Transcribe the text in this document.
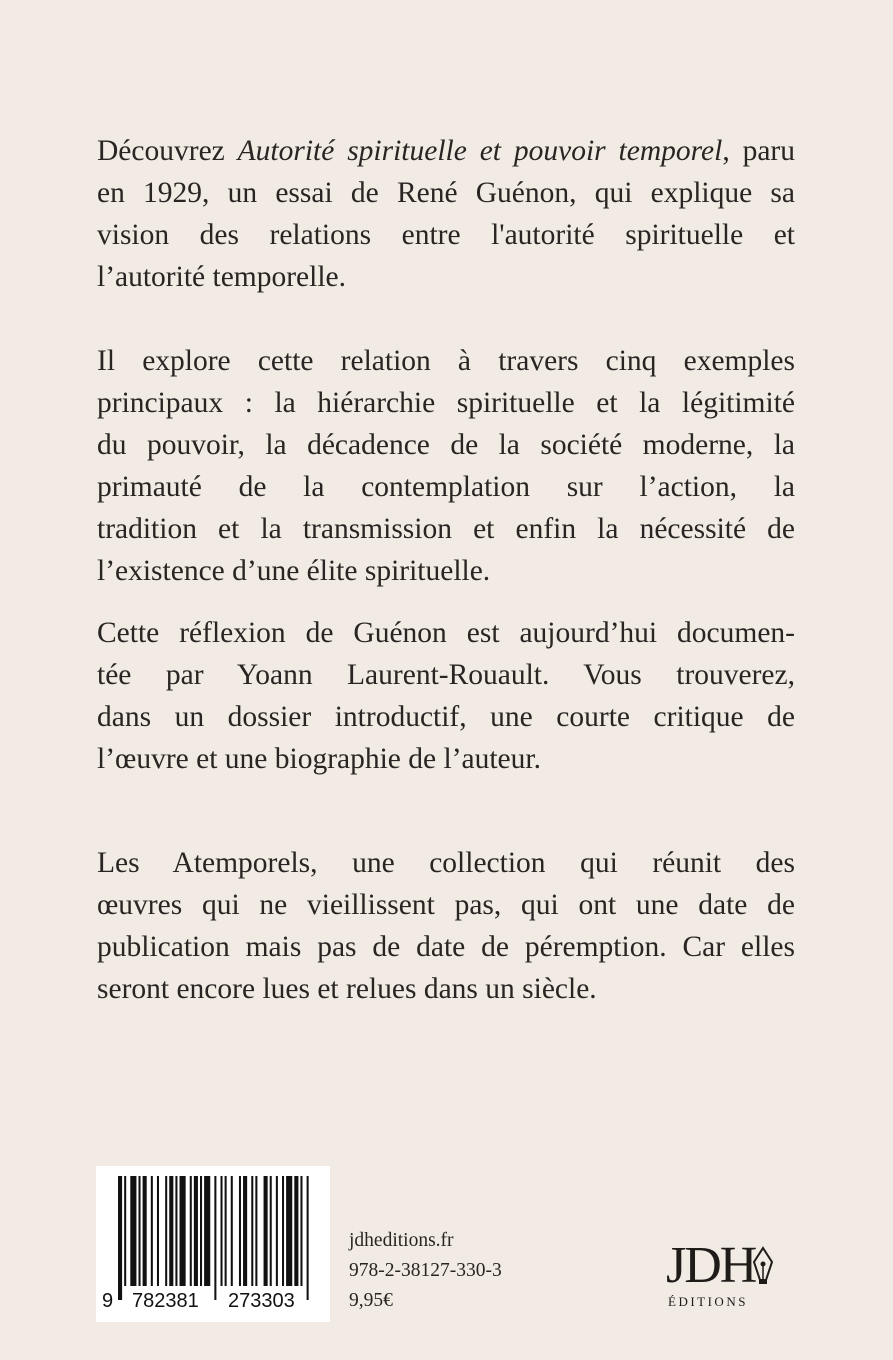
Découvrez Autorité spirituelle et pouvoir temporel, paru
en 1929, un essai de René Guénon, qui explique sa
vision des relations entre l'autorité spirituelle et
l’autorité temporelle.
Il explore cette relation à travers cinq exemples
principaux : la hiérarchie spirituelle et la légitimité
du pouvoir, la décadence de la société moderne, la
primauté de la contemplation sur l’action, la
tradition et la transmission et enfin la nécessité de
l’existence d’une élite spirituelle.
Cette réflexion de Guénon est aujourd’hui documen-
tée par Yoann Laurent-Rouault. Vous trouverez,
dans un dossier introductif, une courte critique de
l’œuvre et une biographie de l’auteur.
Les Atemporels, une collection qui réunit des
œuvres qui ne vieillissent pas, qui ont une date de
publication mais pas de date de péremption. Car elles
seront encore lues et relues dans un siècle.
9 782381 273303
jdheditions.fr
978-2-38127-330-3
9,95€
JDH
ÉDITIONS
